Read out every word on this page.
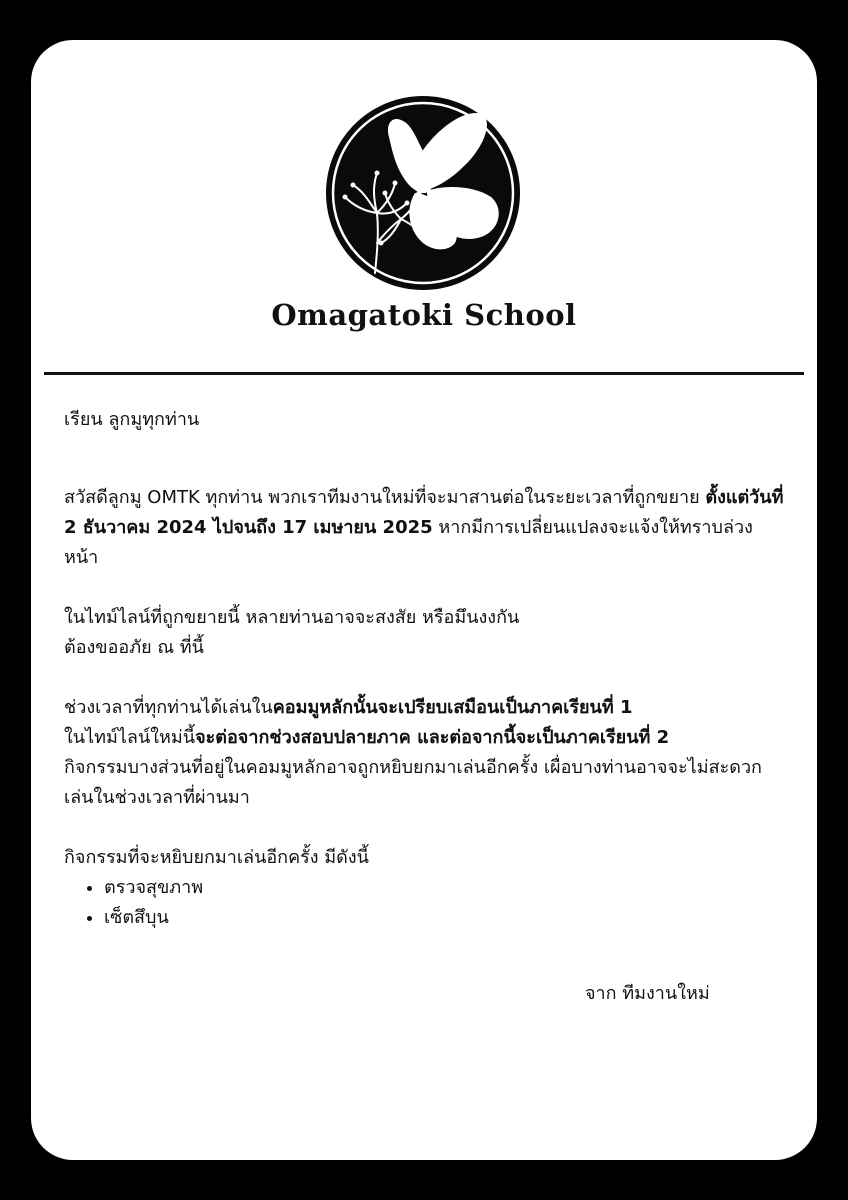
Omagatoki School

เรียน ลูกมูทุกท่าน

สวัสดีลูกมู OMTK ทุกท่าน พวกเราทีมงานใหม่ที่จะมาสานต่อในระยะเวลาที่ถูกขยาย ตั้งแต่วันที่ 2 ธันวาคม 2024 ไปจนถึง 17 เมษายน 2025 หากมีการเปลี่ยนแปลงจะแจ้งให้ทราบล่วงหน้า

ในไทม์ไลน์ที่ถูกขยายนี้ หลายท่านอาจจะสงสัย หรือมึนงงกัน
ต้องขออภัย ณ ที่นี้

ช่วงเวลาที่ทุกท่านได้เล่นในคอมมูหลักนั้นจะเปรียบเสมือนเป็นภาคเรียนที่ 1
ในไทม์ไลน์ใหม่นี้จะต่อจากช่วงสอบปลายภาค และต่อจากนี้จะเป็นภาคเรียนที่ 2
กิจกรรมบางส่วนที่อยู่ในคอมมูหลักอาจถูกหยิบยกมาเล่นอีกครั้ง เผื่อบางท่านอาจจะไม่สะดวกเล่นในช่วงเวลาที่ผ่านมา

กิจกรรมที่จะหยิบยกมาเล่นอีกครั้ง มีดังนี้

• ตรวจสุขภาพ
• เซ็ตสึบุน
จาก ทีมงานใหม่
